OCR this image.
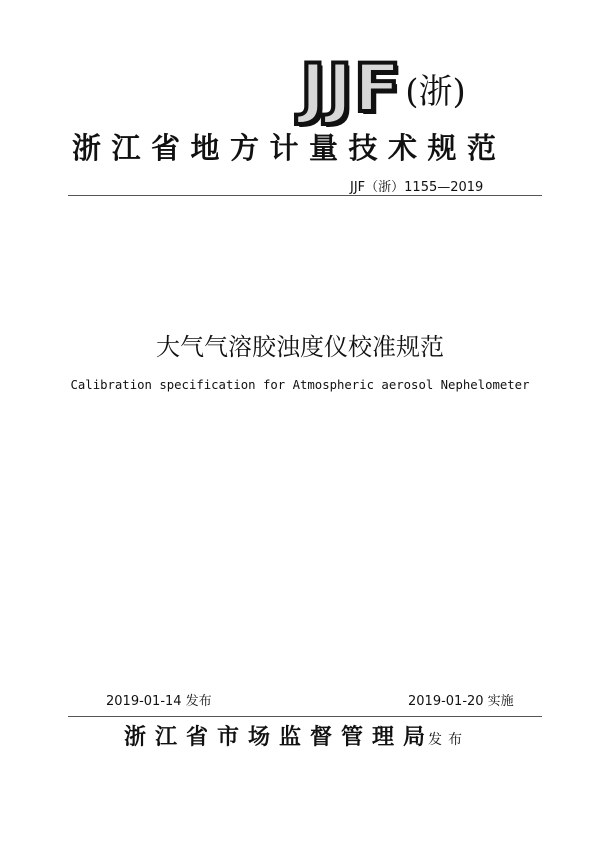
JJF (浙)
浙江省地方计量技术规范
JJF（浙）1155—2019
大气气溶胶浊度仪校准规范
Calibration specification for Atmospheric aerosol Nephelometer
2019-01-14 发布	2019-01-20 实施
浙江省市场监督管理局发布
